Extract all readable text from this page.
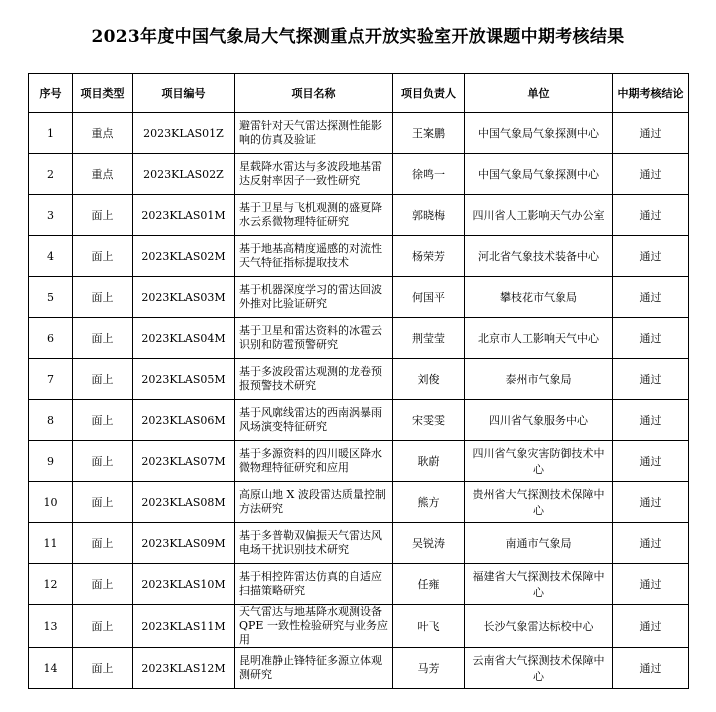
2023年度中国气象局大气探测重点开放实验室开放课题中期考核结果
序号	项目类型	项目编号	项目名称	项目负责人	单位	中期考核结论
1	重点	2023KLAS01Z	避雷针对天气雷达探测性能影响的仿真及验证	王案鹏	中国气象局气象探测中心	通过
2	重点	2023KLAS02Z	星载降水雷达与多波段地基雷达反射率因子一致性研究	徐鸣一	中国气象局气象探测中心	通过
3	面上	2023KLAS01M	基于卫星与飞机观测的盛夏降水云系微物理特征研究	郭晓梅	四川省人工影响天气办公室	通过
4	面上	2023KLAS02M	基于地基高精度遥感的对流性天气特征指标提取技术	杨荣芳	河北省气象技术装备中心	通过
5	面上	2023KLAS03M	基于机器深度学习的雷达回波外推对比验证研究	何国平	攀枝花市气象局	通过
6	面上	2023KLAS04M	基于卫星和雷达资料的冰雹云识别和防雹预警研究	荆莹莹	北京市人工影响天气中心	通过
7	面上	2023KLAS05M	基于多波段雷达观测的龙卷预报预警技术研究	刘俊	泰州市气象局	通过
8	面上	2023KLAS06M	基于风廓线雷达的西南涡暴雨风场演变特征研究	宋雯雯	四川省气象服务中心	通过
9	面上	2023KLAS07M	基于多源资料的四川暖区降水微物理特征研究和应用	耿蔚	四川省气象灾害防御技术中心	通过
10	面上	2023KLAS08M	高原山地 X 波段雷达质量控制方法研究	熊方	贵州省大气探测技术保障中心	通过
11	面上	2023KLAS09M	基于多普勒双偏振天气雷达风电场干扰识别技术研究	吴锐涛	南通市气象局	通过
12	面上	2023KLAS10M	基于相控阵雷达仿真的自适应扫描策略研究	任雍	福建省大气探测技术保障中心	通过
13	面上	2023KLAS11M	天气雷达与地基降水观测设备 QPE 一致性检验研究与业务应用	叶飞	长沙气象雷达标校中心	通过
14	面上	2023KLAS12M	昆明准静止锋特征多源立体观测研究	马芳	云南省大气探测技术保障中心	通过
